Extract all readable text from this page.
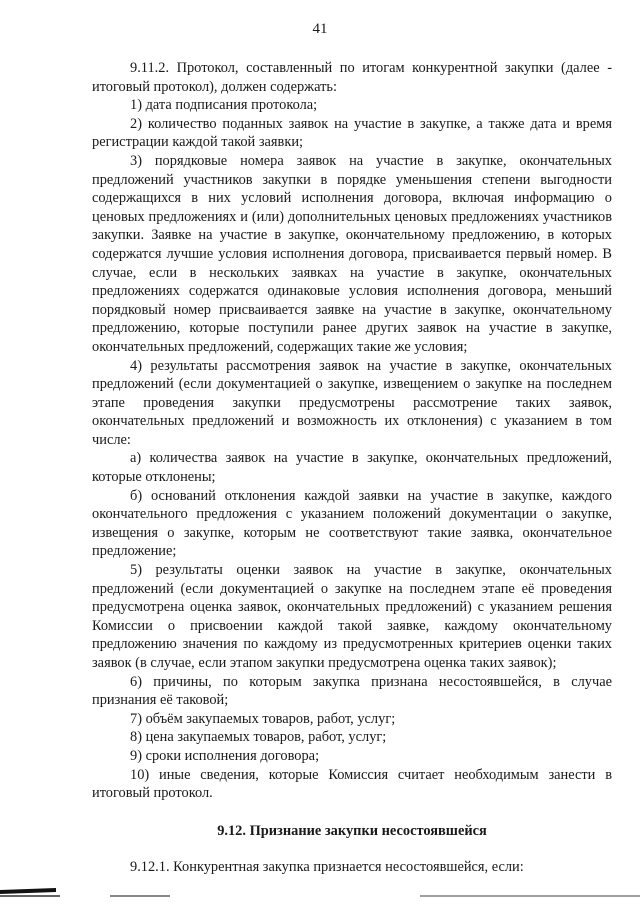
41

9.11.2. Протокол, составленный по итогам конкурентной закупки (далее - итоговый протокол), должен содержать:

1) дата подписания протокола;

2) количество поданных заявок на участие в закупке, а также дата и время регистрации каждой такой заявки;

3) порядковые номера заявок на участие в закупке, окончательных предложений участников закупки в порядке уменьшения степени выгодности содержащихся в них условий исполнения договора, включая информацию о ценовых предложениях и (или) дополнительных ценовых предложениях участников закупки. Заявке на участие в закупке, окончательному предложению, в которых содержатся лучшие условия исполнения договора, присваивается первый номер. В случае, если в нескольких заявках на участие в закупке, окончательных предложениях содержатся одинаковые условия исполнения договора, меньший порядковый номер присваивается заявке на участие в закупке, окончательному предложению, которые поступили ранее других заявок на участие в закупке, окончательных предложений, содержащих такие же условия;

4) результаты рассмотрения заявок на участие в закупке, окончательных предложений (если документацией о закупке, извещением о закупке на последнем этапе проведения закупки предусмотрены рассмотрение таких заявок, окончательных предложений и возможность их отклонения) с указанием в том числе:

а) количества заявок на участие в закупке, окончательных предложений, которые отклонены;

б) оснований отклонения каждой заявки на участие в закупке, каждого окончательного предложения с указанием положений документации о закупке, извещения о закупке, которым не соответствуют такие заявка, окончательное предложение;

5) результаты оценки заявок на участие в закупке, окончательных предложений (если документацией о закупке на последнем этапе её проведения предусмотрена оценка заявок, окончательных предложений) с указанием решения Комиссии о присвоении каждой такой заявке, каждому окончательному предложению значения по каждому из предусмотренных критериев оценки таких заявок (в случае, если этапом закупки предусмотрена оценка таких заявок);

6) причины, по которым закупка признана несостоявшейся, в случае признания её таковой;

7) объём закупаемых товаров, работ, услуг;

8) цена закупаемых товаров, работ, услуг;

9) сроки исполнения договора;

10) иные сведения, которые Комиссия считает необходимым занести в итоговый протокол.

9.12. Признание закупки несостоявшейся

9.12.1. Конкурентная закупка признается несостоявшейся, если:
